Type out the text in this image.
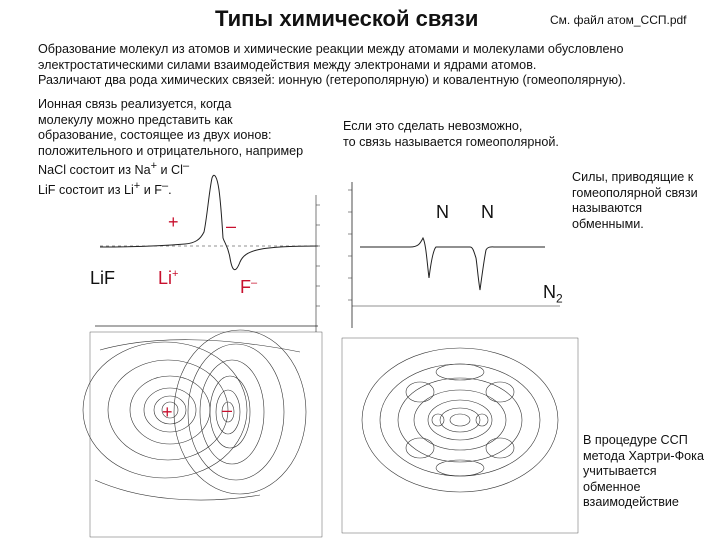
Типы химической связи	См. файл атом_ССП.pdf
Образование молекул из атомов и химические реакции между атомами и молекулами обусловлено
электростатическими силами взаимодействия между электронами и ядрами атомов.
Различают два рода химических связей: ионную (гетерополярную) и ковалентную (гомеополярную).
Ионная связь реализуется, когда
молекулу можно представить как
образование, состоящее из двух ионов:
положительного и отрицательного, например
NaCl состоит из Na+ и Cl–
LiF состоит из Li+ и F–.
Если это сделать невозможно,
то связь называется гомеополярной.
Силы, приводящие к
гомеополярной связи
называются
обменными.
В процедуре ССП
метода Хартри-Фока
учитывается
обменное
взаимодействие
LiF Li+
F–
+	–
+	–
N N
$N_2$
